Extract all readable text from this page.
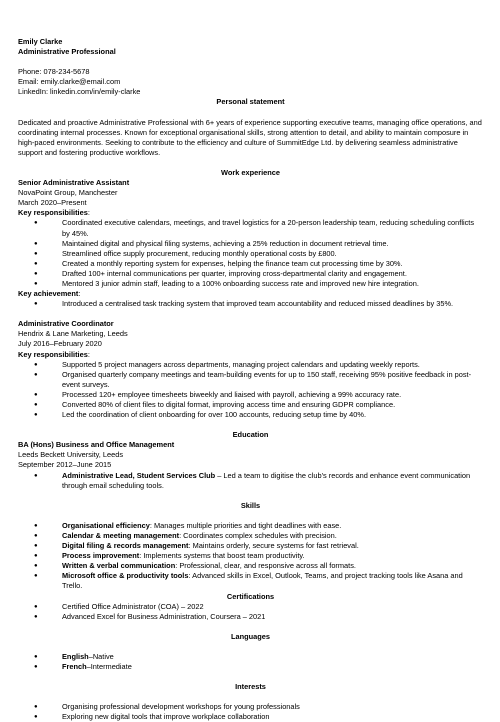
Emily Clarke
Administrative Professional
Phone: 078-234-5678
Email: emily.clarke@email.com
LinkedIn: linkedin.com/in/emily-clarke
Personal statement

Dedicated and proactive Administrative Professional with 6+ years of experience supporting executive teams, managing office operations, and coordinating internal processes. Known for exceptional organisational skills, strong attention to detail, and ability to maintain composure in high-paced environments. Seeking to contribute to the efficiency and culture of SummitEdge Ltd. by delivering seamless administrative support and fostering productive workflows.

Work experience
Senior Administrative Assistant
NovaPoint Group, Manchester
March 2020–Present
Key responsibilities:
● Coordinated executive calendars, meetings, and travel logistics for a 20-person leadership team, reducing scheduling conflicts by 45%.
● Maintained digital and physical filing systems, achieving a 25% reduction in document retrieval time.
● Streamlined office supply procurement, reducing monthly operational costs by £800.
● Created a monthly reporting system for expenses, helping the finance team cut processing time by 30%.
● Drafted 100+ internal communications per quarter, improving cross-departmental clarity and engagement.
● Mentored 3 junior admin staff, leading to a 100% onboarding success rate and improved new hire integration.
Key achievement:
● Introduced a centralised task tracking system that improved team accountability and reduced missed deadlines by 35%.
Administrative Coordinator
Hendrix & Lane Marketing, Leeds
July 2016–February 2020
Key responsibilities:
● Supported 5 project managers across departments, managing project calendars and updating weekly reports.
● Organised quarterly company meetings and team-building events for up to 150 staff, receiving 95% positive feedback in post-event surveys.
● Processed 120+ employee timesheets biweekly and liaised with payroll, achieving a 99% accuracy rate.
● Converted 80% of client files to digital format, improving access time and ensuring GDPR compliance.
● Led the coordination of client onboarding for over 100 accounts, reducing setup time by 40%.
Education
BA (Hons) Business and Office Management
Leeds Beckett University, Leeds
September 2012–June 2015
● Administrative Lead, Student Services Club – Led a team to digitise the club's records and enhance event communication through email scheduling tools.
Skills
● Organisational efficiency: Manages multiple priorities and tight deadlines with ease.
● Calendar & meeting management: Coordinates complex schedules with precision.
● Digital filing & records management: Maintains orderly, secure systems for fast retrieval.
● Process improvement: Implements systems that boost team productivity.
● Written & verbal communication: Professional, clear, and responsive across all formats.
● Microsoft office & productivity tools: Advanced skills in Excel, Outlook, Teams, and project tracking tools like Asana and Trello.
Certifications
● Certified Office Administrator (COA) – 2022
● Advanced Excel for Business Administration, Coursera – 2021
Languages
● English–Native
● French–Intermediate
Interests
● Organising professional development workshops for young professionals
● Exploring new digital tools that improve workplace collaboration
